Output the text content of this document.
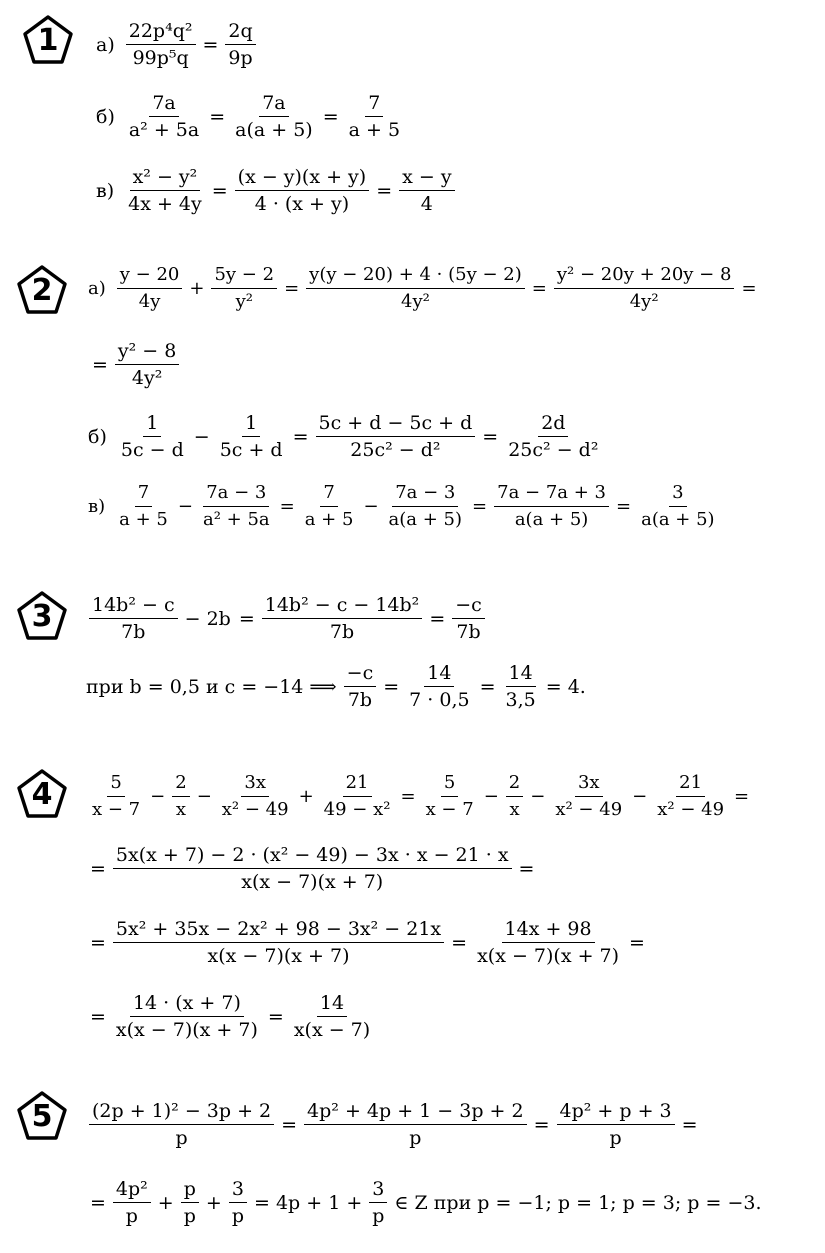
1
2
3
4
5
$а) \frac{\text{22p⁴q²}}{\text{99p⁵q}} = \frac{2q}{9p}$
$б) \frac{7a}{\text{a² + 5a}} = \frac{7a}{a(a + 5)} = \frac{7}{a + 5}$
$в) \frac{\text{x² − y²}}{4x + 4y} = \frac{(x - y)(x + y)}{4 \cdot (x + y)} = \frac{x - y}{4}$
$а) \frac{y - 20}{4y} + \frac{5y - 2}{\text{y²}} = \frac{y(y - 20) + 4 \cdot (5y - 2)}{\text{4y²}} = \frac{\text{y² − 20y + 20y − 8}}{\text{4y²}}$ =
= $\frac{\text{y² − 8}}{\text{4y²}}$
$б) \frac{1}{5c - d} - \frac{1}{5c + d} = \frac{5c + d - 5c + d}{\text{25c² − d²}} = \frac{2d}{\text{25c² − d²}}$
$в) \frac{7}{a + 5} - \frac{7a - 3}{\text{a² + 5a}} = \frac{7}{a + 5} - \frac{7a - 3}{a(a + 5)} = \frac{7a - 7a + 3}{a(a + 5)} = \frac{3}{a(a + 5)}$
$\frac{\text{14b² − c}}{7b} - 2b = \frac{\text{14b² − c − 14b²}}{7b} = \frac{-c}{7b}$
при b = 0,5 и c = −14 ⟹ $\frac{-c}{7b} = \frac{14}{7 \cdot 0,5} = \frac{14}{3,5} = 4$.
$\frac{5}{x - 7} - \frac{2}{x} - \frac{3x}{\text{x² − 49}} + \frac{21}{\text{49 − x²}} = \frac{5}{x - 7} - \frac{2}{x} - \frac{3x}{\text{x² − 49}} - \frac{21}{\text{x² − 49}}$ =
= $\frac{\text{5x(x + 7) − 2 · (x² − 49) − 3x · x − 21 · x}}{x(x - 7)(x + 7)}$ =
= $\frac{\text{5x² + 35x − 2x² + 98 − 3x² − 21x}}{x(x - 7)(x + 7)} = \frac{14x + 98}{x(x - 7)(x + 7)}$ =
= $\frac{14 \cdot (x + 7)}{x(x - 7)(x + 7)} = \frac{14}{x(x - 7)}$
$\frac{\text{(2p + 1)² − 3p + 2}}{p} = \frac{\text{4p² + 4p + 1 − 3p + 2}}{p} = \frac{\text{4p² + p + 3}}{p}$ =
= $\frac{\text{4p²}}{p} + \frac{p}{p} + \frac{3}{p} = 4p + 1 + \frac{3}{p}$ ∈ Z при p = −1; p = 1; p = 3; p = −3.
